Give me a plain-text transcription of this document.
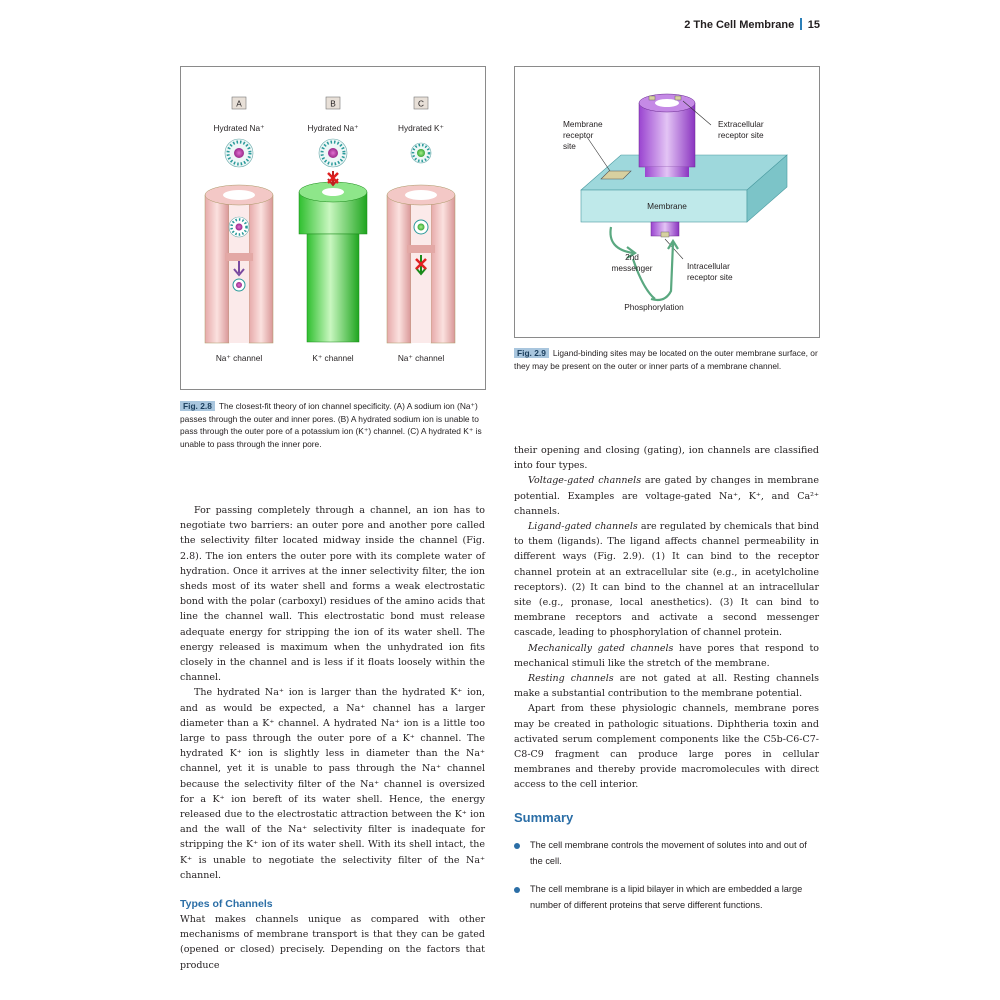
2 The Cell Membrane 15
A	B	C
Hydrated Na⁺	Hydrated Na⁺	Hydrated K⁺
Na⁺ channel	K⁺ channel	Na⁺ channel
Membrane
Membrane
receptor
site
Extracellular
receptor site
2nd
messenger	Intracellular
receptor site
Phosphorylation
Fig. 2.8 The closest-fit theory of ion channel specificity. (A) A sodium ion (Na⁺) passes through the outer and inner pores. (B) A hydrated sodium ion is unable to pass through the outer pore of a potassium ion (K⁺) channel. (C) A hydrated K⁺ is unable to pass through the inner pore.
Fig. 2.9 Ligand-binding sites may be located on the outer membrane surface, or they may be present on the outer or inner parts of a membrane channel.

For passing completely through a channel, an ion has to negotiate two barriers: an outer pore and another pore called the selectivity filter located midway inside the channel (Fig. 2.8). The ion enters the outer pore with its complete water of hydration. Once it arrives at the inner selectivity filter, the ion sheds most of its water shell and forms a weak electrostatic bond with the polar (carboxyl) residues of the amino acids that line the channel wall. This electrostatic bond must release adequate energy for stripping the ion of its water shell. The energy released is maximum when the unhydrated ion fits closely in the channel and is less if it floats loosely within the channel.

The hydrated Na⁺ ion is larger than the hydrated K⁺ ion, and as would be expected, a Na⁺ channel has a larger diameter than a K⁺ channel. A hydrated Na⁺ ion is a little too large to pass through the outer pore of a K⁺ channel. The hydrated K⁺ ion is slightly less in diameter than the Na⁺ channel, yet it is unable to pass through the Na⁺ channel because the selectivity filter of the Na⁺ channel is oversized for a K⁺ ion bereft of its water shell. Hence, the energy released due to the electrostatic attraction between the K⁺ ion and the wall of the Na⁺ selectivity filter is inadequate for stripping the K⁺ ion of its water shell. With its shell intact, the K⁺ is unable to negotiate the selectivity filter of the Na⁺ channel.

Types of Channels

What makes channels unique as compared with other mechanisms of membrane transport is that they can be gated (opened or closed) precisely. Depending on the factors that produce

their opening and closing (gating), ion channels are classified into four types.

Voltage-gated channels are gated by changes in membrane potential. Examples are voltage-gated Na⁺, K⁺, and Ca²⁺ channels.

Ligand-gated channels are regulated by chemicals that bind to them (ligands). The ligand affects channel permeability in different ways (Fig. 2.9). (1) It can bind to the receptor channel protein at an extracellular site (e.g., in acetylcholine receptors). (2) It can bind to the channel at an intracellular site (e.g., pronase, local anesthetics). (3) It can bind to membrane receptors and activate a second messenger cascade, leading to phosphorylation of channel protein.

Mechanically gated channels have pores that respond to mechanical stimuli like the stretch of the membrane.

Resting channels are not gated at all. Resting channels make a substantial contribution to the membrane potential.

Apart from these physiologic channels, membrane pores may be created in pathologic situations. Diphtheria toxin and activated serum complement components like the C5b-C6-C7-C8-C9 fragment can produce large pores in cellular membranes and thereby provide macromolecules with direct access to the cell interior.

Summary
The cell membrane controls the movement of solutes into and out of the cell.
The cell membrane is a lipid bilayer in which are embedded a large number of different proteins that serve different functions.
